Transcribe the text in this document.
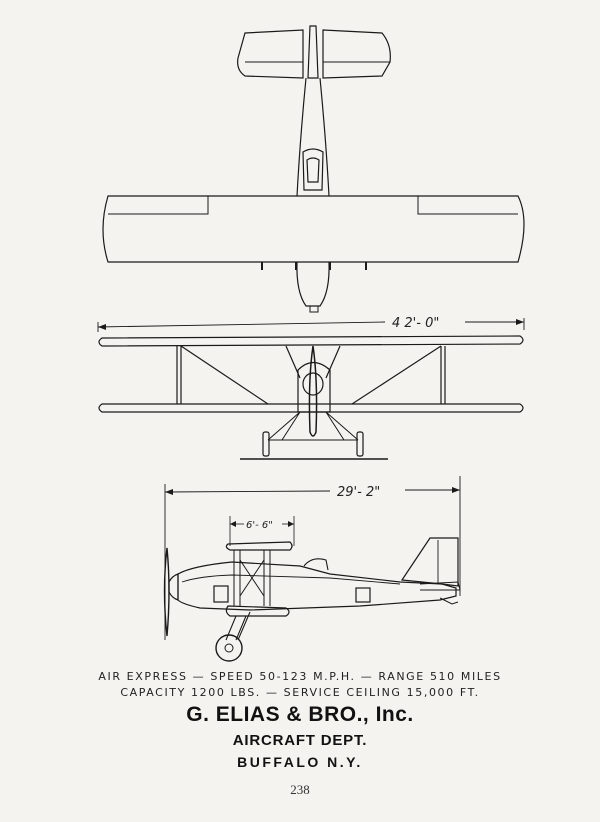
4 2'- 0"
29'- 2"
6'- 6"
AIR EXPRESS — SPEED 50-123 M.P.H. — RANGE 510 MILES
CAPACITY 1200 LBS. — SERVICE CEILING 15,000 FT.
G. ELIAS & BRO., Inc.
AIRCRAFT DEPT.
BUFFALO N.Y.
238
